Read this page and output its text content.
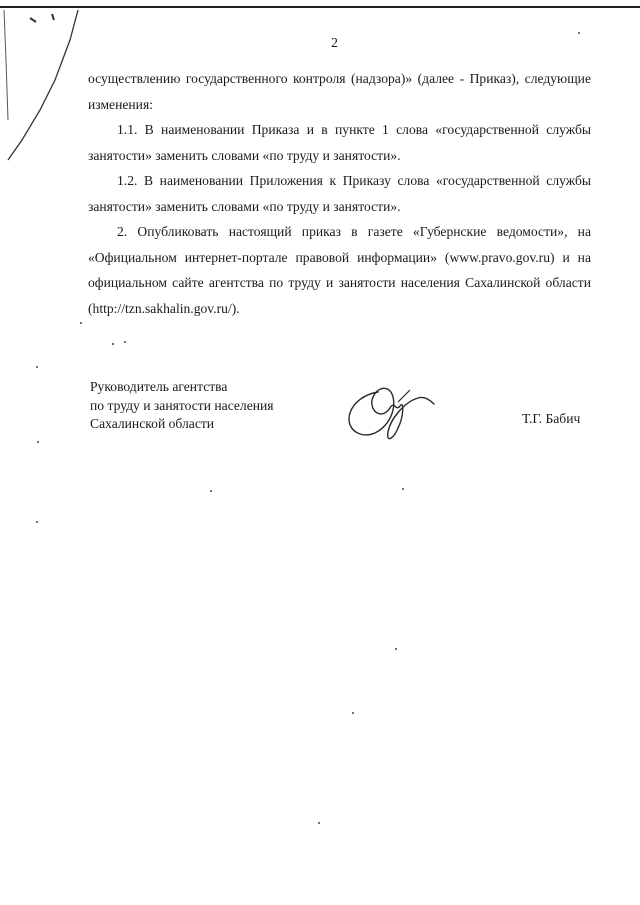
2
осуществлению государственного контроля (надзора)» (далее - Приказ), следующие изменения:
1.1. В наименовании Приказа и в пункте 1 слова «государственной службы занятости» заменить словами «по труду и занятости».
1.2. В наименовании Приложения к Приказу слова «государственной службы занятости» заменить словами «по труду и занятости».
2. Опубликовать настоящий приказ в газете «Губернские ведомости», на «Официальном интернет-портале правовой информации» (www.pravo.gov.ru) и на официальном сайте агентства по труду и занятости населения Сахалинской области (http://tzn.sakhalin.gov.ru/).
Руководитель агентства
по труду и занятости населения
Сахалинской области	Т.Г. Бабич
